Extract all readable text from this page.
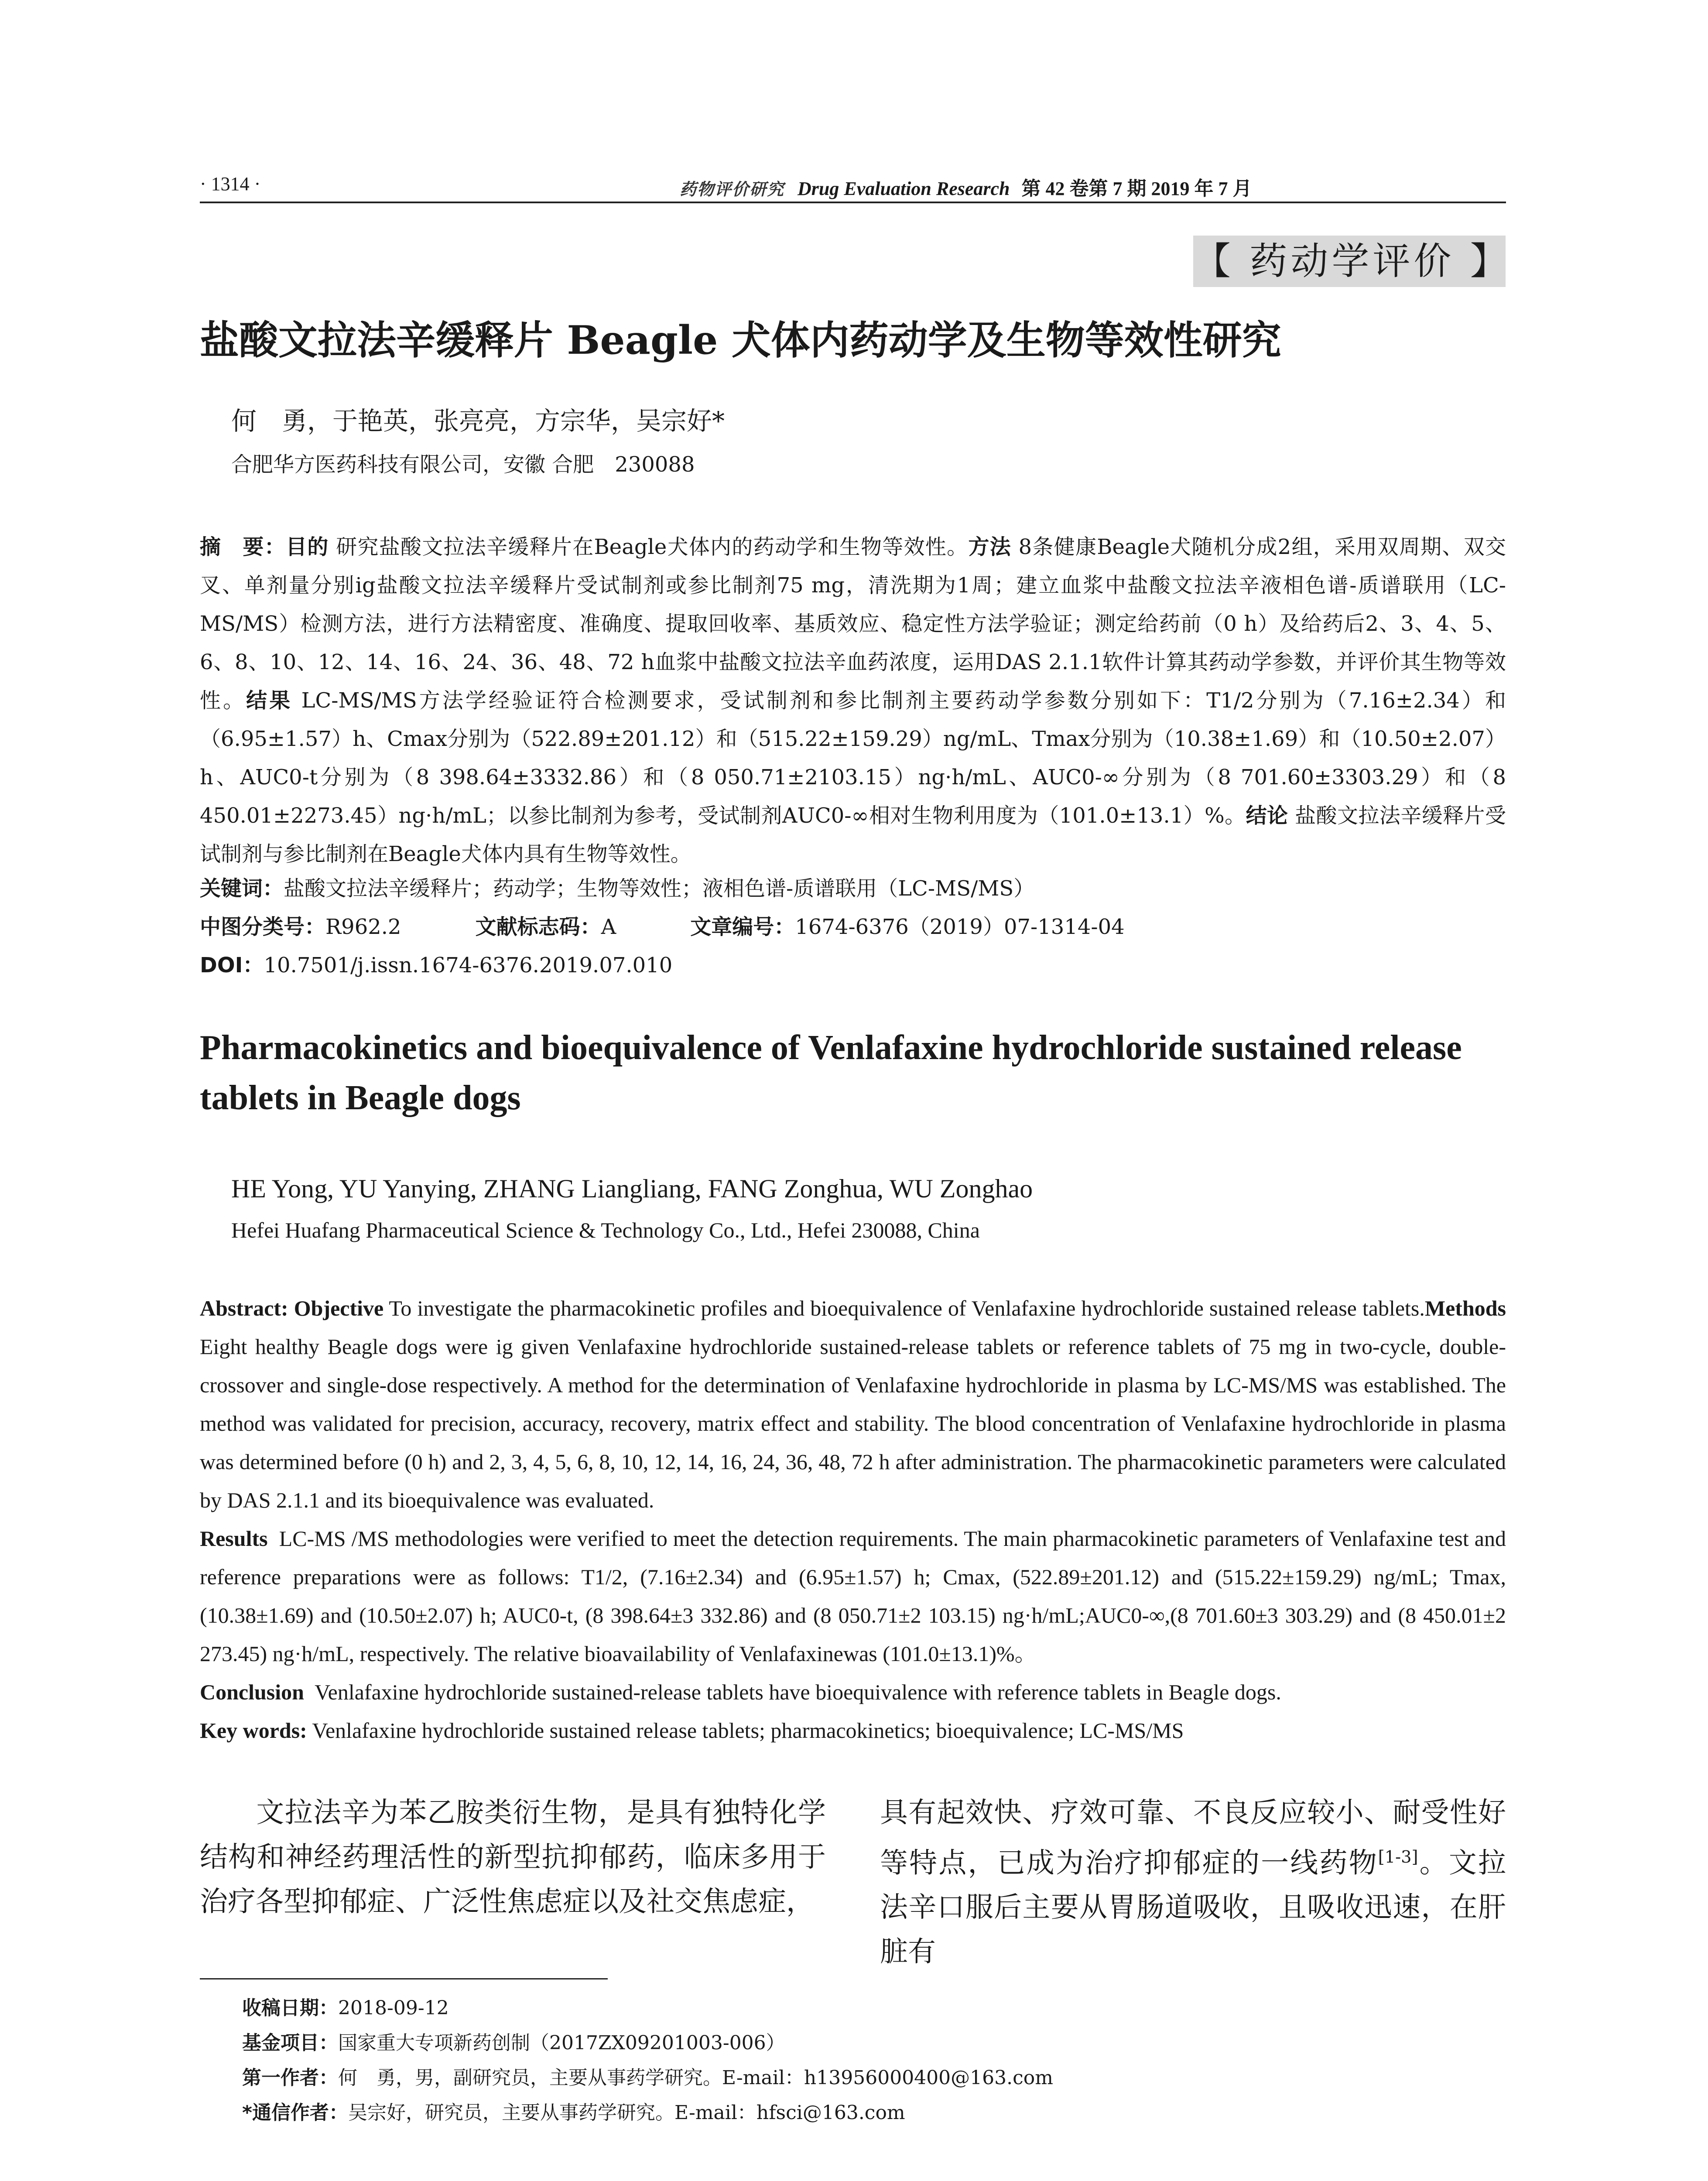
· 1314 ·	药物评价研究 Drug Evaluation Research 第 42 卷第 7 期 2019 年 7 月
【 药动学评价 】
盐酸文拉法辛缓释片 Beagle 犬体内药动学及生物等效性研究
何　勇，于艳英，张亮亮，方宗华，吴宗好*
合肥华方医药科技有限公司，安徽 合肥　230088
摘　要：目的 研究盐酸文拉法辛缓释片在Beagle犬体内的药动学和生物等效性。方法 8条健康Beagle犬随机分成2组，采用双周期、双交叉、单剂量分别ig盐酸文拉法辛缓释片受试制剂或参比制剂75 mg，清洗期为1周；建立血浆中盐酸文拉法辛液相色谱-质谱联用（LC-MS/MS）检测方法，进行方法精密度、准确度、提取回收率、基质效应、稳定性方法学验证；测定给药前（0 h）及给药后2、3、4、5、6、8、10、12、14、16、24、36、48、72 h血浆中盐酸文拉法辛血药浓度，运用DAS 2.1.1软件计算其药动学参数，并评价其生物等效性。结果 LC-MS/MS方法学经验证符合检测要求，受试制剂和参比制剂主要药动学参数分别如下：T1/2分别为（7.16±2.34）和（6.95±1.57）h、Cmax分别为（522.89±201.12）和（515.22±159.29）ng/mL、Tmax分别为（10.38±1.69）和（10.50±2.07）h、AUC0-t分别为（8 398.64±3332.86）和（8 050.71±2103.15）ng·h/mL、AUC0-∞分别为（8 701.60±3303.29）和（8 450.01±2273.45）ng·h/mL；以参比制剂为参考，受试制剂AUC0-∞相对生物利用度为（101.0±13.1）%。结论 盐酸文拉法辛缓释片受试制剂与参比制剂在Beagle犬体内具有生物等效性。
关键词：盐酸文拉法辛缓释片；药动学；生物等效性；液相色谱-质谱联用（LC-MS/MS）
中图分类号：R962.2	文献标志码：A	文章编号：1674-6376（2019）07-1314-04
DOI：10.7501/j.issn.1674-6376.2019.07.010
Pharmacokinetics and bioequivalence of Venlafaxine hydrochloride sustained release tablets in Beagle dogs
HE Yong, YU Yanying, ZHANG Liangliang, FANG Zonghua, WU Zonghao
Hefei Huafang Pharmaceutical Science & Technology Co., Ltd., Hefei 230088, China
Abstract: Objective To investigate the pharmacokinetic profiles and bioequivalence of Venlafaxine hydrochloride sustained release tablets.Methods Eight healthy Beagle dogs were ig given Venlafaxine hydrochloride sustained-release tablets or reference tablets of 75 mg in two-cycle, double-crossover and single-dose respectively. A method for the determination of Venlafaxine hydrochloride in plasma by LC-MS/MS was established. The method was validated for precision, accuracy, recovery, matrix effect and stability. The blood concentration of Venlafaxine hydrochloride in plasma was determined before (0 h) and 2, 3, 4, 5, 6, 8, 10, 12, 14, 16, 24, 36, 48, 72 h after administration. The pharmacokinetic parameters were calculated by DAS 2.1.1 and its bioequivalence was evaluated.
Results LC-MS /MS methodologies were verified to meet the detection requirements. The main pharmacokinetic parameters of Venlafaxine test and reference preparations were as follows: T1/2, (7.16±2.34) and (6.95±1.57) h; Cmax, (522.89±201.12) and (515.22±159.29) ng/mL; Tmax, (10.38±1.69) and (10.50±2.07) h; AUC0-t, (8 398.64±3 332.86) and (8 050.71±2 103.15) ng·h/mL;AUC0-∞,(8 701.60±3 303.29) and (8 450.01±2 273.45) ng·h/mL, respectively. The relative bioavailability of Venlafaxinewas (101.0±13.1)%。
Conclusion Venlafaxine hydrochloride sustained-release tablets have bioequivalence with reference tablets in Beagle dogs.
Key words: Venlafaxine hydrochloride sustained release tablets; pharmacokinetics; bioequivalence; LC-MS/MS
文拉法辛为苯乙胺类衍生物，是具有独特化学结构和神经药理活性的新型抗抑郁药，临床多用于治疗各型抑郁症、广泛性焦虑症以及社交焦虑症，
具有起效快、疗效可靠、不良反应较小、耐受性好等特点，已成为治疗抑郁症的一线药物[1-3]。文拉法辛口服后主要从胃肠道吸收，且吸收迅速，在肝脏有
收稿日期：2018-09-12
基金项目：国家重大专项新药创制（2017ZX09201003-006）
第一作者：何　勇，男，副研究员，主要从事药学研究。E-mail：h13956000400@163.com
*通信作者：吴宗好，研究员，主要从事药学研究。E-mail：hfsci@163.com
